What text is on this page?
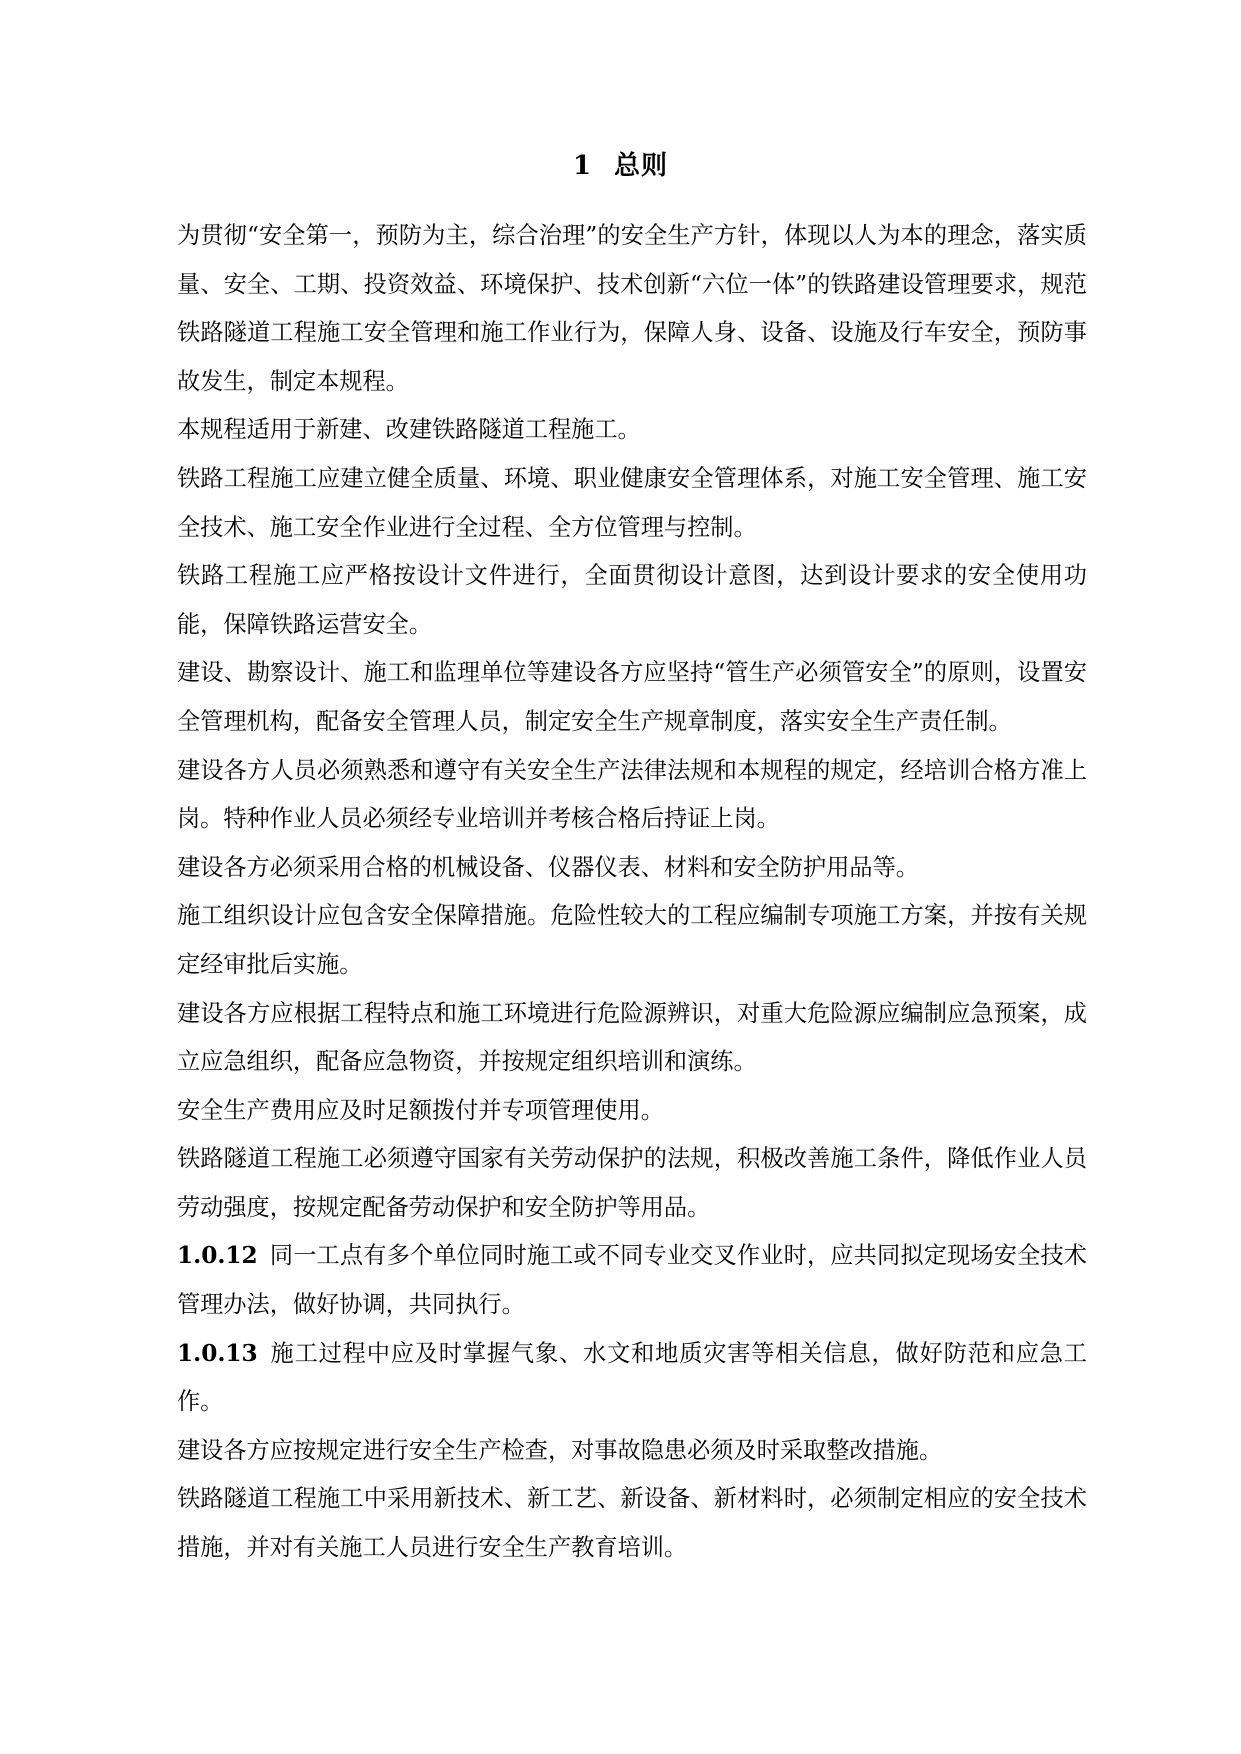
1 总则

为贯彻“安全第一，预防为主，综合治理”的安全生产方针，体现以人为本的理念，落实质量、安全、工期、投资效益、环境保护、技术创新“六位一体”的铁路建设管理要求，规范铁路隧道工程施工安全管理和施工作业行为，保障人身、设备、设施及行车安全，预防事故发生，制定本规程。

本规程适用于新建、改建铁路隧道工程施工。

铁路工程施工应建立健全质量、环境、职业健康安全管理体系，对施工安全管理、施工安全技术、施工安全作业进行全过程、全方位管理与控制。

铁路工程施工应严格按设计文件进行，全面贯彻设计意图，达到设计要求的安全使用功能，保障铁路运营安全。

建设、勘察设计、施工和监理单位等建设各方应坚持“管生产必须管安全”的原则，设置安全管理机构，配备安全管理人员，制定安全生产规章制度，落实安全生产责任制。

建设各方人员必须熟悉和遵守有关安全生产法律法规和本规程的规定，经培训合格方准上岗。特种作业人员必须经专业培训并考核合格后持证上岗。

建设各方必须采用合格的机械设备、仪器仪表、材料和安全防护用品等。

施工组织设计应包含安全保障措施。危险性较大的工程应编制专项施工方案，并按有关规定经审批后实施。

建设各方应根据工程特点和施工环境进行危险源辨识，对重大危险源应编制应急预案，成立应急组织，配备应急物资，并按规定组织培训和演练。

安全生产费用应及时足额拨付并专项管理使用。

铁路隧道工程施工必须遵守国家有关劳动保护的法规，积极改善施工条件，降低作业人员劳动强度，按规定配备劳动保护和安全防护等用品。

1.0.12 同一工点有多个单位同时施工或不同专业交叉作业时，应共同拟定现场安全技术管理办法，做好协调，共同执行。

1.0.13 施工过程中应及时掌握气象、水文和地质灾害等相关信息，做好防范和应急工作。

建设各方应按规定进行安全生产检查，对事故隐患必须及时采取整改措施。

铁路隧道工程施工中采用新技术、新工艺、新设备、新材料时，必须制定相应的安全技术措施，并对有关施工人员进行安全生产教育培训。
